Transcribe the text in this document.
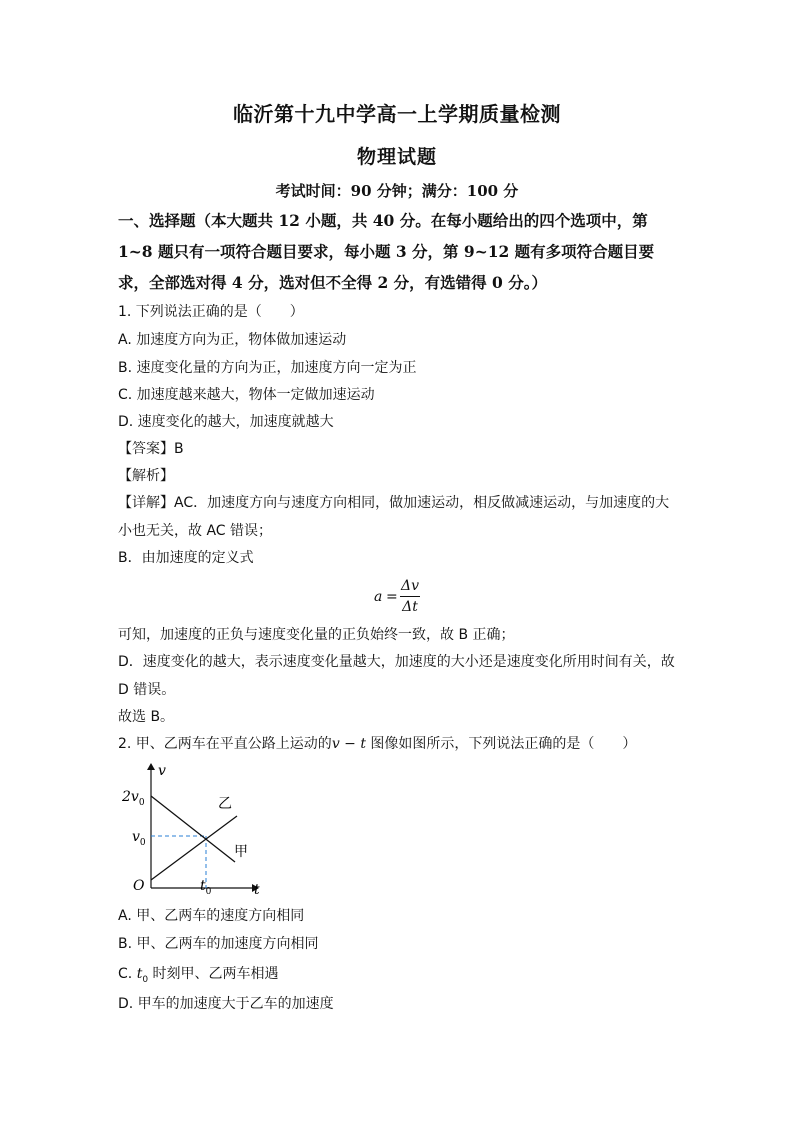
临沂第十九中学高一上学期质量检测
物理试题
考试时间：90 分钟；满分：100 分
一、选择题（本大题共 12 小题，共 40 分。在每小题给出的四个选项中，第 1~8 题只有一项符合题目要求，每小题 3 分，第 9~12 题有多项符合题目要求，全部选对得 4 分，选对但不全得 2 分，有选错得 0 分。）
1. 下列说法正确的是（　　）
A. 加速度方向为正，物体做加速运动
B. 速度变化量的方向为正，加速度方向一定为正
C. 加速度越来越大，物体一定做加速运动
D. 速度变化的越大，加速度就越大
【答案】B
【解析】
【详解】AC．加速度方向与速度方向相同，做加速运动，相反做减速运动，与加速度的大小也无关，故 AC 错误；
B．由加速度的定义式
a =
Δv
Δt
可知，加速度的正负与速度变化量的正负始终一致，故 B 正确；
D．速度变化的越大，表示速度变化量越大，加速度的大小还是速度变化所用时间有关，故 D 错误。
故选 B。
2. 甲、乙两车在平直公路上运动的v − t 图像如图所示，下列说法正确的是（　　）
v
t
O
$2v_0$
$v_0$
$t_0$
乙
甲
A. 甲、乙两车的速度方向相同
B. 甲、乙两车的加速度方向相同
C. $t_0$ 时刻甲、乙两车相遇
D. 甲车的加速度大于乙车的加速度
